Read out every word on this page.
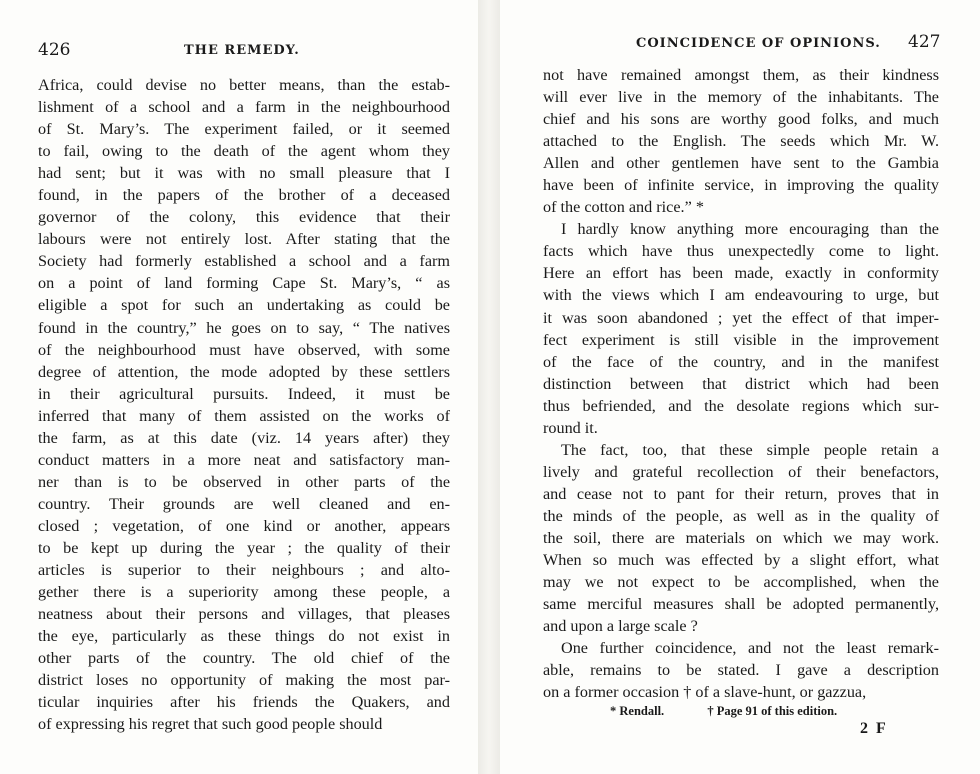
426	THE REMEDY.
Africa, could devise no better means, than the estab-
lishment of a school and a farm in the neighbourhood
of St. Mary’s. The experiment failed, or it seemed
to fail, owing to the death of the agent whom they
had sent; but it was with no small pleasure that I
found, in the papers of the brother of a deceased
governor of the colony, this evidence that their
labours were not entirely lost. After stating that the
Society had formerly established a school and a farm
on a point of land forming Cape St. Mary’s, “ as
eligible a spot for such an undertaking as could be
found in the country,” he goes on to say, “ The natives
of the neighbourhood must have observed, with some
degree of attention, the mode adopted by these settlers
in their agricultural pursuits. Indeed, it must be
inferred that many of them assisted on the works of
the farm, as at this date (viz. 14 years after) they
conduct matters in a more neat and satisfactory man-
ner than is to be observed in other parts of the
country. Their grounds are well cleaned and en-
closed ; vegetation, of one kind or another, appears
to be kept up during the year ; the quality of their
articles is superior to their neighbours ; and alto-
gether there is a superiority among these people, a
neatness about their persons and villages, that pleases
the eye, particularly as these things do not exist in
other parts of the country. The old chief of the
district loses no opportunity of making the most par-
ticular inquiries after his friends the Quakers, and
of expressing his regret that such good people should
COINCIDENCE OF OPINIONS. 427
not have remained amongst them, as their kindness
will ever live in the memory of the inhabitants. The
chief and his sons are worthy good folks, and much
attached to the English. The seeds which Mr. W.
Allen and other gentlemen have sent to the Gambia
have been of infinite service, in improving the quality
of the cotton and rice.” *
I hardly know anything more encouraging than the
facts which have thus unexpectedly come to light.
Here an effort has been made, exactly in conformity
with the views which I am endeavouring to urge, but
it was soon abandoned ; yet the effect of that imper-
fect experiment is still visible in the improvement
of the face of the country, and in the manifest
distinction between that district which had been
thus befriended, and the desolate regions which sur-
round it.
The fact, too, that these simple people retain a
lively and grateful recollection of their benefactors,
and cease not to pant for their return, proves that in
the minds of the people, as well as in the quality of
the soil, there are materials on which we may work.
When so much was effected by a slight effort, what
may we not expect to be accomplished, when the
same merciful measures shall be adopted permanently,
and upon a large scale ?
One further coincidence, and not the least remark-
able, remains to be stated. I gave a description
on a former occasion † of a slave-hunt, or gazzua,
* Rendall.	† Page 91 of this edition.
2 F
